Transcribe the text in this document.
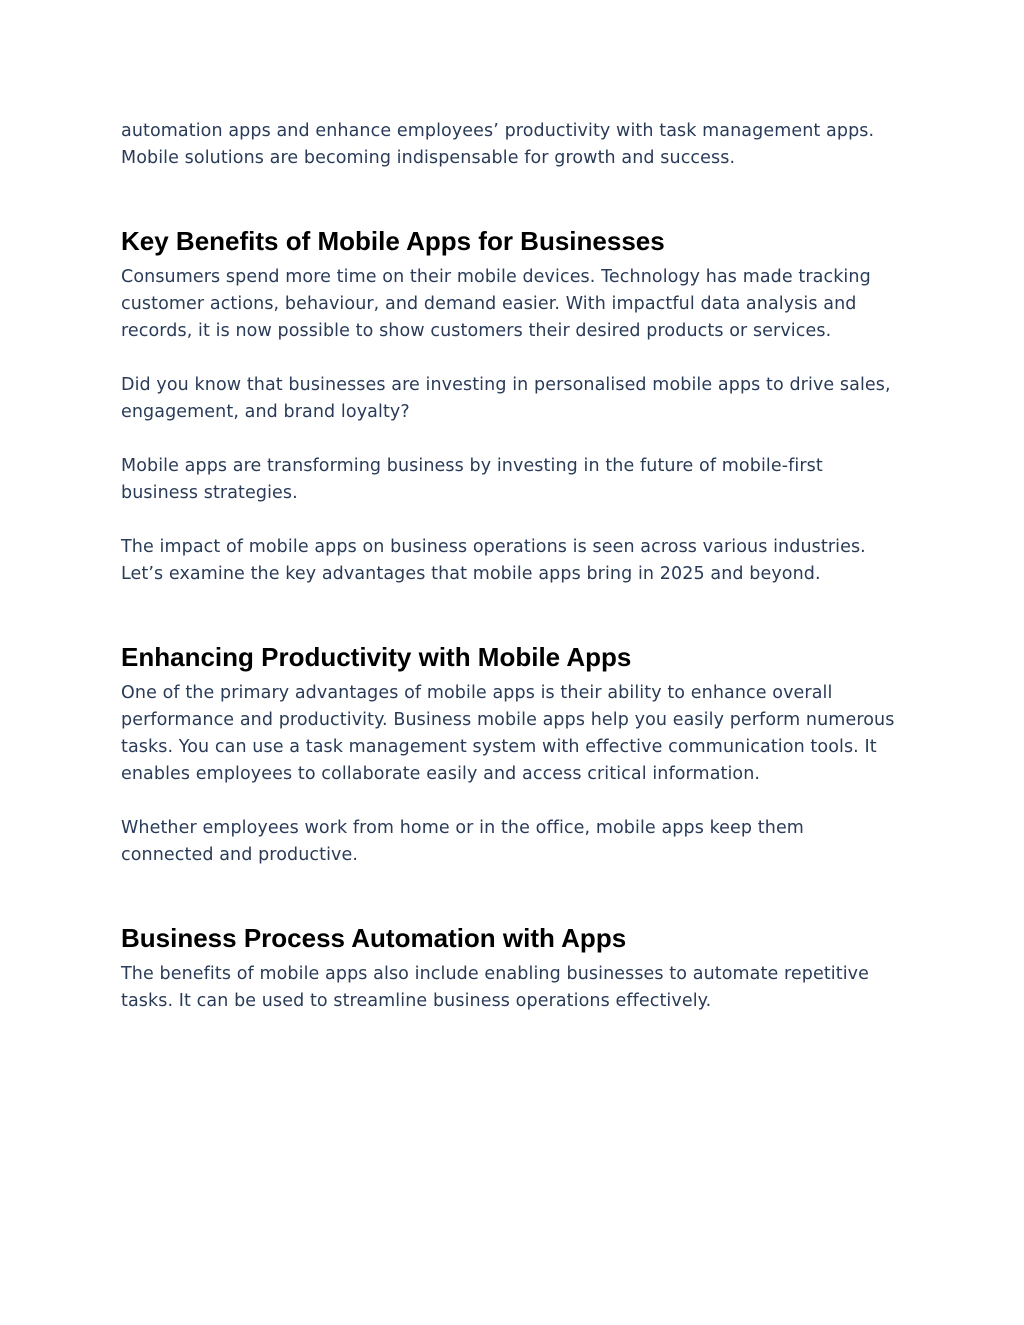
automation apps and enhance employees’ productivity with task management apps. Mobile solutions are becoming indispensable for growth and success.

Key Benefits of Mobile Apps for Businesses

Consumers spend more time on their mobile devices. Technology has made tracking customer actions, behaviour, and demand easier. With impactful data analysis and records, it is now possible to show customers their desired products or services.

Did you know that businesses are investing in personalised mobile apps to drive sales, engagement, and brand loyalty?

Mobile apps are transforming business by investing in the future of mobile-first business strategies.

The impact of mobile apps on business operations is seen across various industries. Let’s examine the key advantages that mobile apps bring in 2025 and beyond.

Enhancing Productivity with Mobile Apps

One of the primary advantages of mobile apps is their ability to enhance overall performance and productivity. Business mobile apps help you easily perform numerous tasks. You can use a task management system with effective communication tools. It enables employees to collaborate easily and access critical information.

Whether employees work from home or in the office, mobile apps keep them connected and productive.

Business Process Automation with Apps

The benefits of mobile apps also include enabling businesses to automate repetitive tasks. It can be used to streamline business operations effectively.
